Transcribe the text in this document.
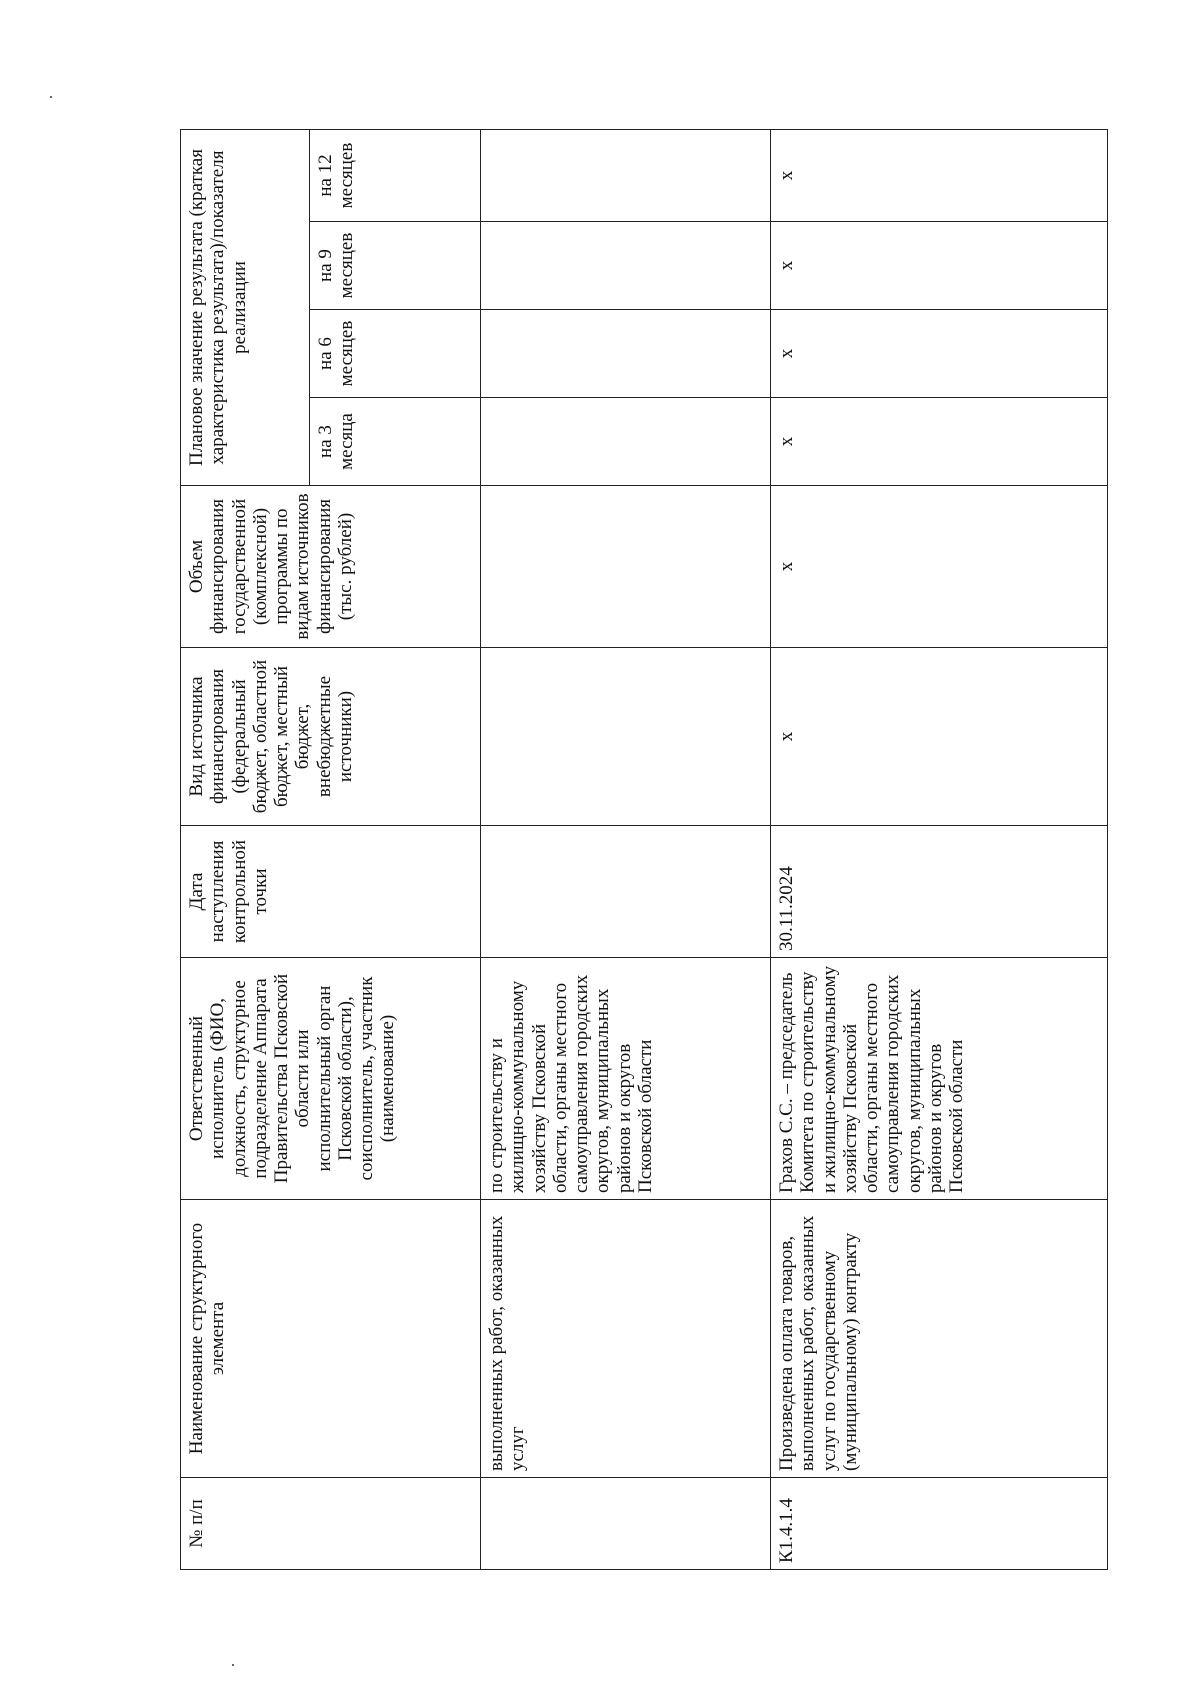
№ п/п	Наименование структурного элемента	Ответственный исполнитель (ФИО, должность, структурное подразделение Аппарата Правительства Псковской области или исполнительный орган Псковской области), соисполнитель, участник (наименование)	Дата наступления контрольной точки	Вид источника финансирования (федеральный бюджет, областной бюджет, местный бюджет, внебюджетные источники)	Объем финансирования государственной (комплексной) программы по видам источников финансирования (тыс. рублей)	Плановое значение результата (краткая характеристика результата)/показателя реализации			
						на 3 месяца	на 6 месяцев	на 9 месяцев	на 12 месяцев
	выполненных работ, оказанных услуг	по строительству и жилищно-коммунальному хозяйству Псковской области, органы местного самоуправления городских округов, муниципальных районов и округов Псковской области							
К1.4.1.4	Произведена оплата товаров, выполненных работ, оказанных услуг по государственному (муниципальному) контракту	Грахов С.С. – председатель Комитета по строительству и жилищно-коммунальному хозяйству Псковской области, органы местного самоуправления городских округов, муниципальных районов и округов Псковской области	30.11.2024	х	х	х	х	х	х
